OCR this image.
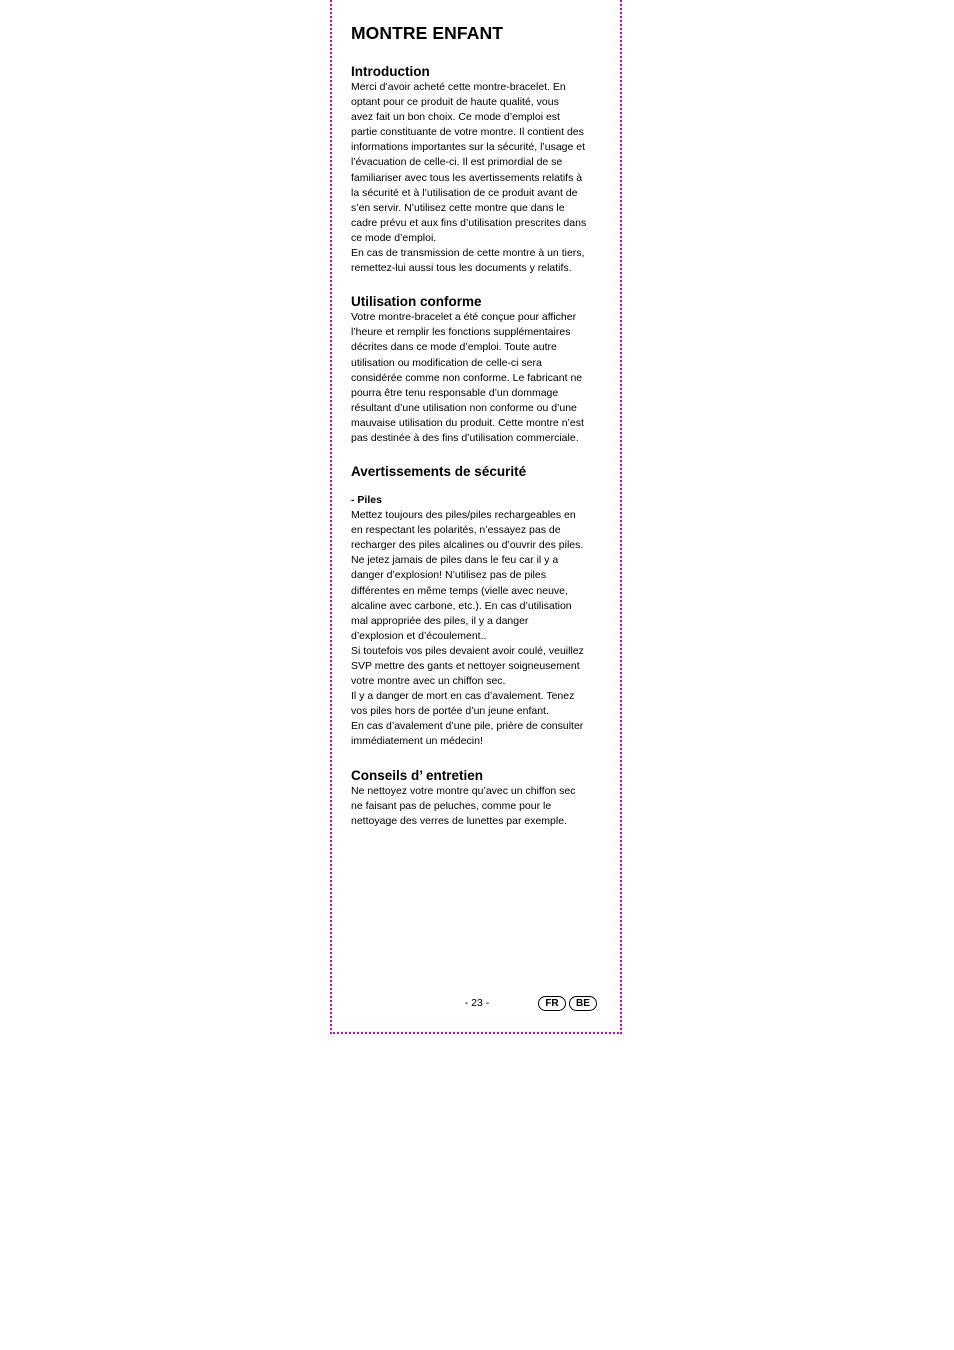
MONTRE ENFANT
Introduction

Merci d’avoir acheté cette montre-bracelet. En
optant pour ce produit de haute qualité, vous
avez fait un bon choix. Ce mode d’emploi est
partie constituante de votre montre. Il contient des
informations importantes sur la sécurité, l’usage et
l’évacuation de celle-ci. Il est primordial de se
familiariser avec tous les avertissements relatifs à
la sécurité et à l’utilisation de ce produit avant de
s’en servir. N’utilisez cette montre que dans le
cadre prévu et aux fins d’utilisation prescrites dans
ce mode d’emploi.
En cas de transmission de cette montre à un tiers,
remettez-lui aussi tous les documents y relatifs.

Utilisation conforme

Votre montre-bracelet a été conçue pour afficher
l’heure et remplir les fonctions supplémentaires
décrites dans ce mode d’emploi. Toute autre
utilisation ou modification de celle-ci sera
considérée comme non conforme. Le fabricant ne
pourra être tenu responsable d’un dommage
résultant d’une utilisation non conforme ou d’une
mauvaise utilisation du produit. Cette montre n’est
pas destinée à des fins d’utilisation commerciale.

Avertissements de sécurité
- Piles

Mettez toujours des piles/piles rechargeables en
en respectant les polarités, n’essayez pas de
recharger des piles alcalines ou d’ouvrir des piles.
Ne jetez jamais de piles dans le feu car il y a
danger d’explosion! N’utilisez pas de piles
différentes en même temps (vielle avec neuve,
alcaline avec carbone, etc.). En cas d’utilisation
mal appropriée des piles, il y a danger
d’explosion et d’écoulement..
Si toutefois vos piles devaient avoir coulé, veuillez
SVP mettre des gants et nettoyer soigneusement
votre montre avec un chiffon sec.
Il y a danger de mort en cas d’avalement. Tenez
vos piles hors de portée d’un jeune enfant.
En cas d’avalement d’une pile, prière de consulter
immédiatement un médecin!

Conseils d’ entretien

Ne nettoyez votre montre qu’avec un chiffon sec
ne faisant pas de peluches, comme pour le
nettoyage des verres de lunettes par exemple.

- 23 -	FR	BE
